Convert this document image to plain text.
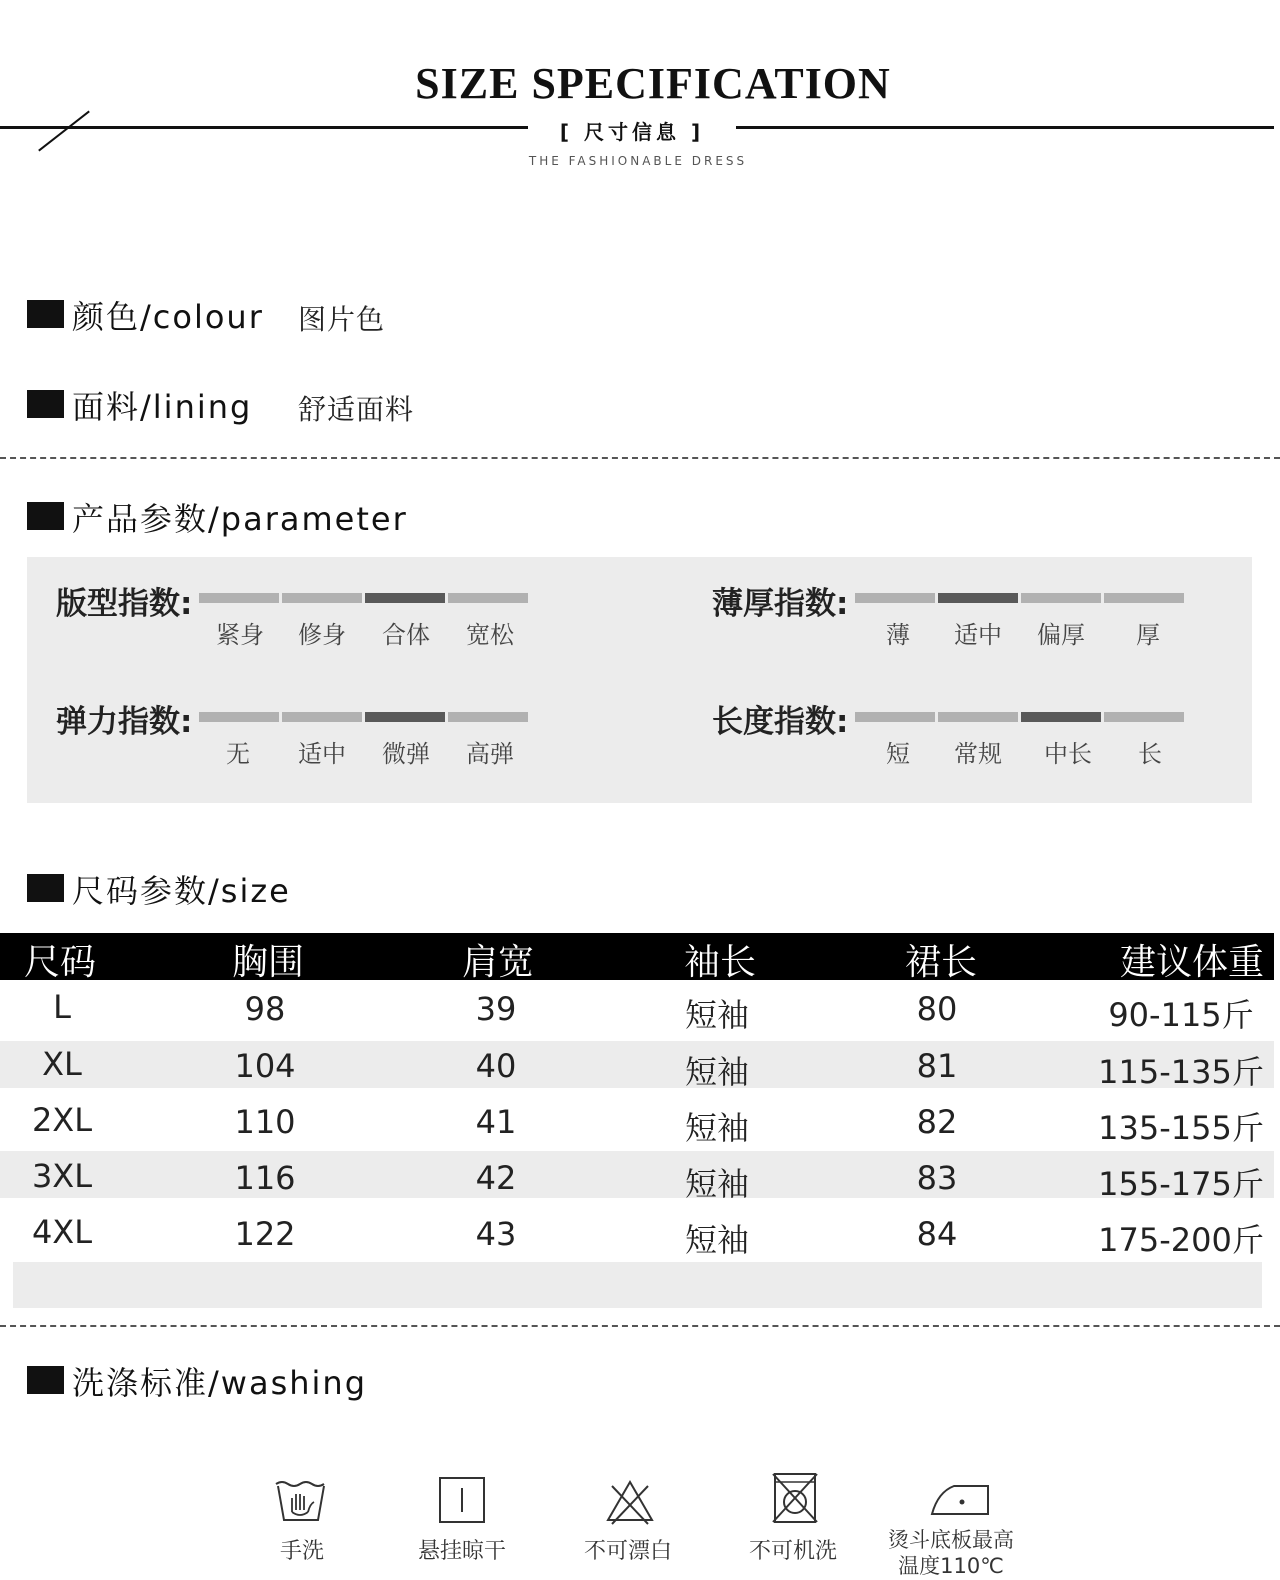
SIZE SPECIFICATION
[ 尺寸信息 ]
THE FASHIONABLE DRESS
颜色/colour 图片色
面料/lining 舒适面料
产品参数/parameter
版型指数:
紧身	修身	合体	宽松
薄厚指数:
薄	适中	偏厚	厚
弹力指数:
无	适中	微弹	高弹
长度指数:
短	常规	中长	长
尺码参数/size
尺码	胸围	肩宽	袖长	裙长	建议体重
L	98	39	短袖	80	90-115斤
XL	104	40	短袖	81	115-135斤
2XL	110	41	短袖	82	135-155斤
3XL	116	42	短袖	83	155-175斤
4XL	122	43	短袖	84	175-200斤
洗涤标准/washing
手洗	悬挂晾干	不可漂白	不可机洗	烫斗底板最高
温度110℃
